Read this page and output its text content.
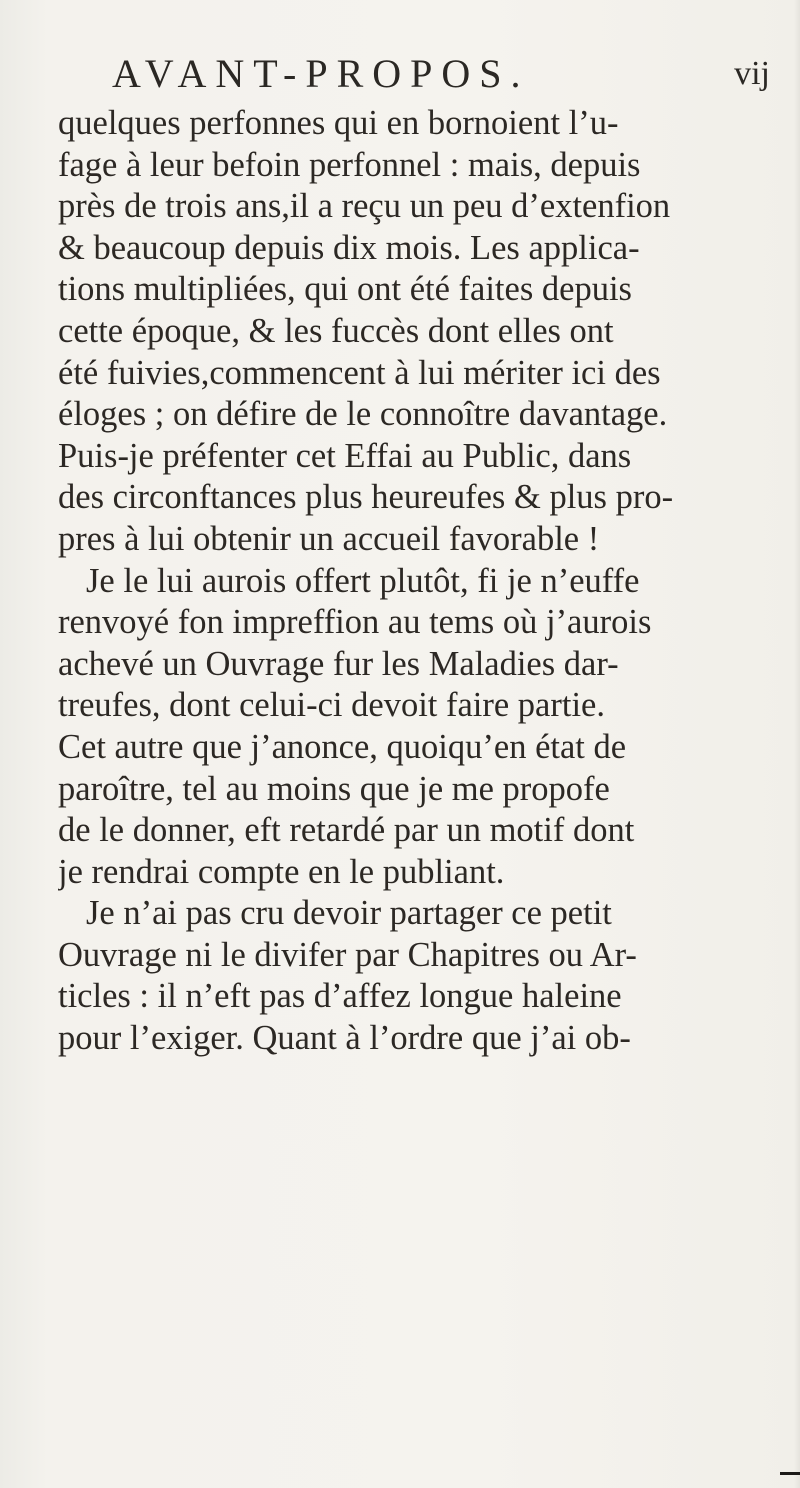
AVANT-PROPOS.	vij
quelques perfonnes qui en bornoient l’u-
fage à leur befoin perfonnel : mais, depuis
près de trois ans,il a reçu un peu d’extenfion
& beaucoup depuis dix mois. Les applica-
tions multipliées, qui ont été faites depuis
cette époque, & les fuccès dont elles ont
été fuivies,commencent à lui mériter ici des
éloges ; on défire de le connoître davantage.
Puis-je préfenter cet Effai au Public, dans
des circonftances plus heureufes & plus pro-
pres à lui obtenir un accueil favorable !
Je le lui aurois offert plutôt, fi je n’euffe
renvoyé fon impreffion au tems où j’aurois
achevé un Ouvrage fur les Maladies dar-
treufes, dont celui-ci devoit faire partie.
Cet autre que j’anonce, quoiqu’en état de
paroître, tel au moins que je me propofe
de le donner, eft retardé par un motif dont
je rendrai compte en le publiant.
Je n’ai pas cru devoir partager ce petit
Ouvrage ni le divifer par Chapitres ou Ar-
ticles : il n’eft pas d’affez longue haleine
pour l’exiger. Quant à l’ordre que j’ai ob-
